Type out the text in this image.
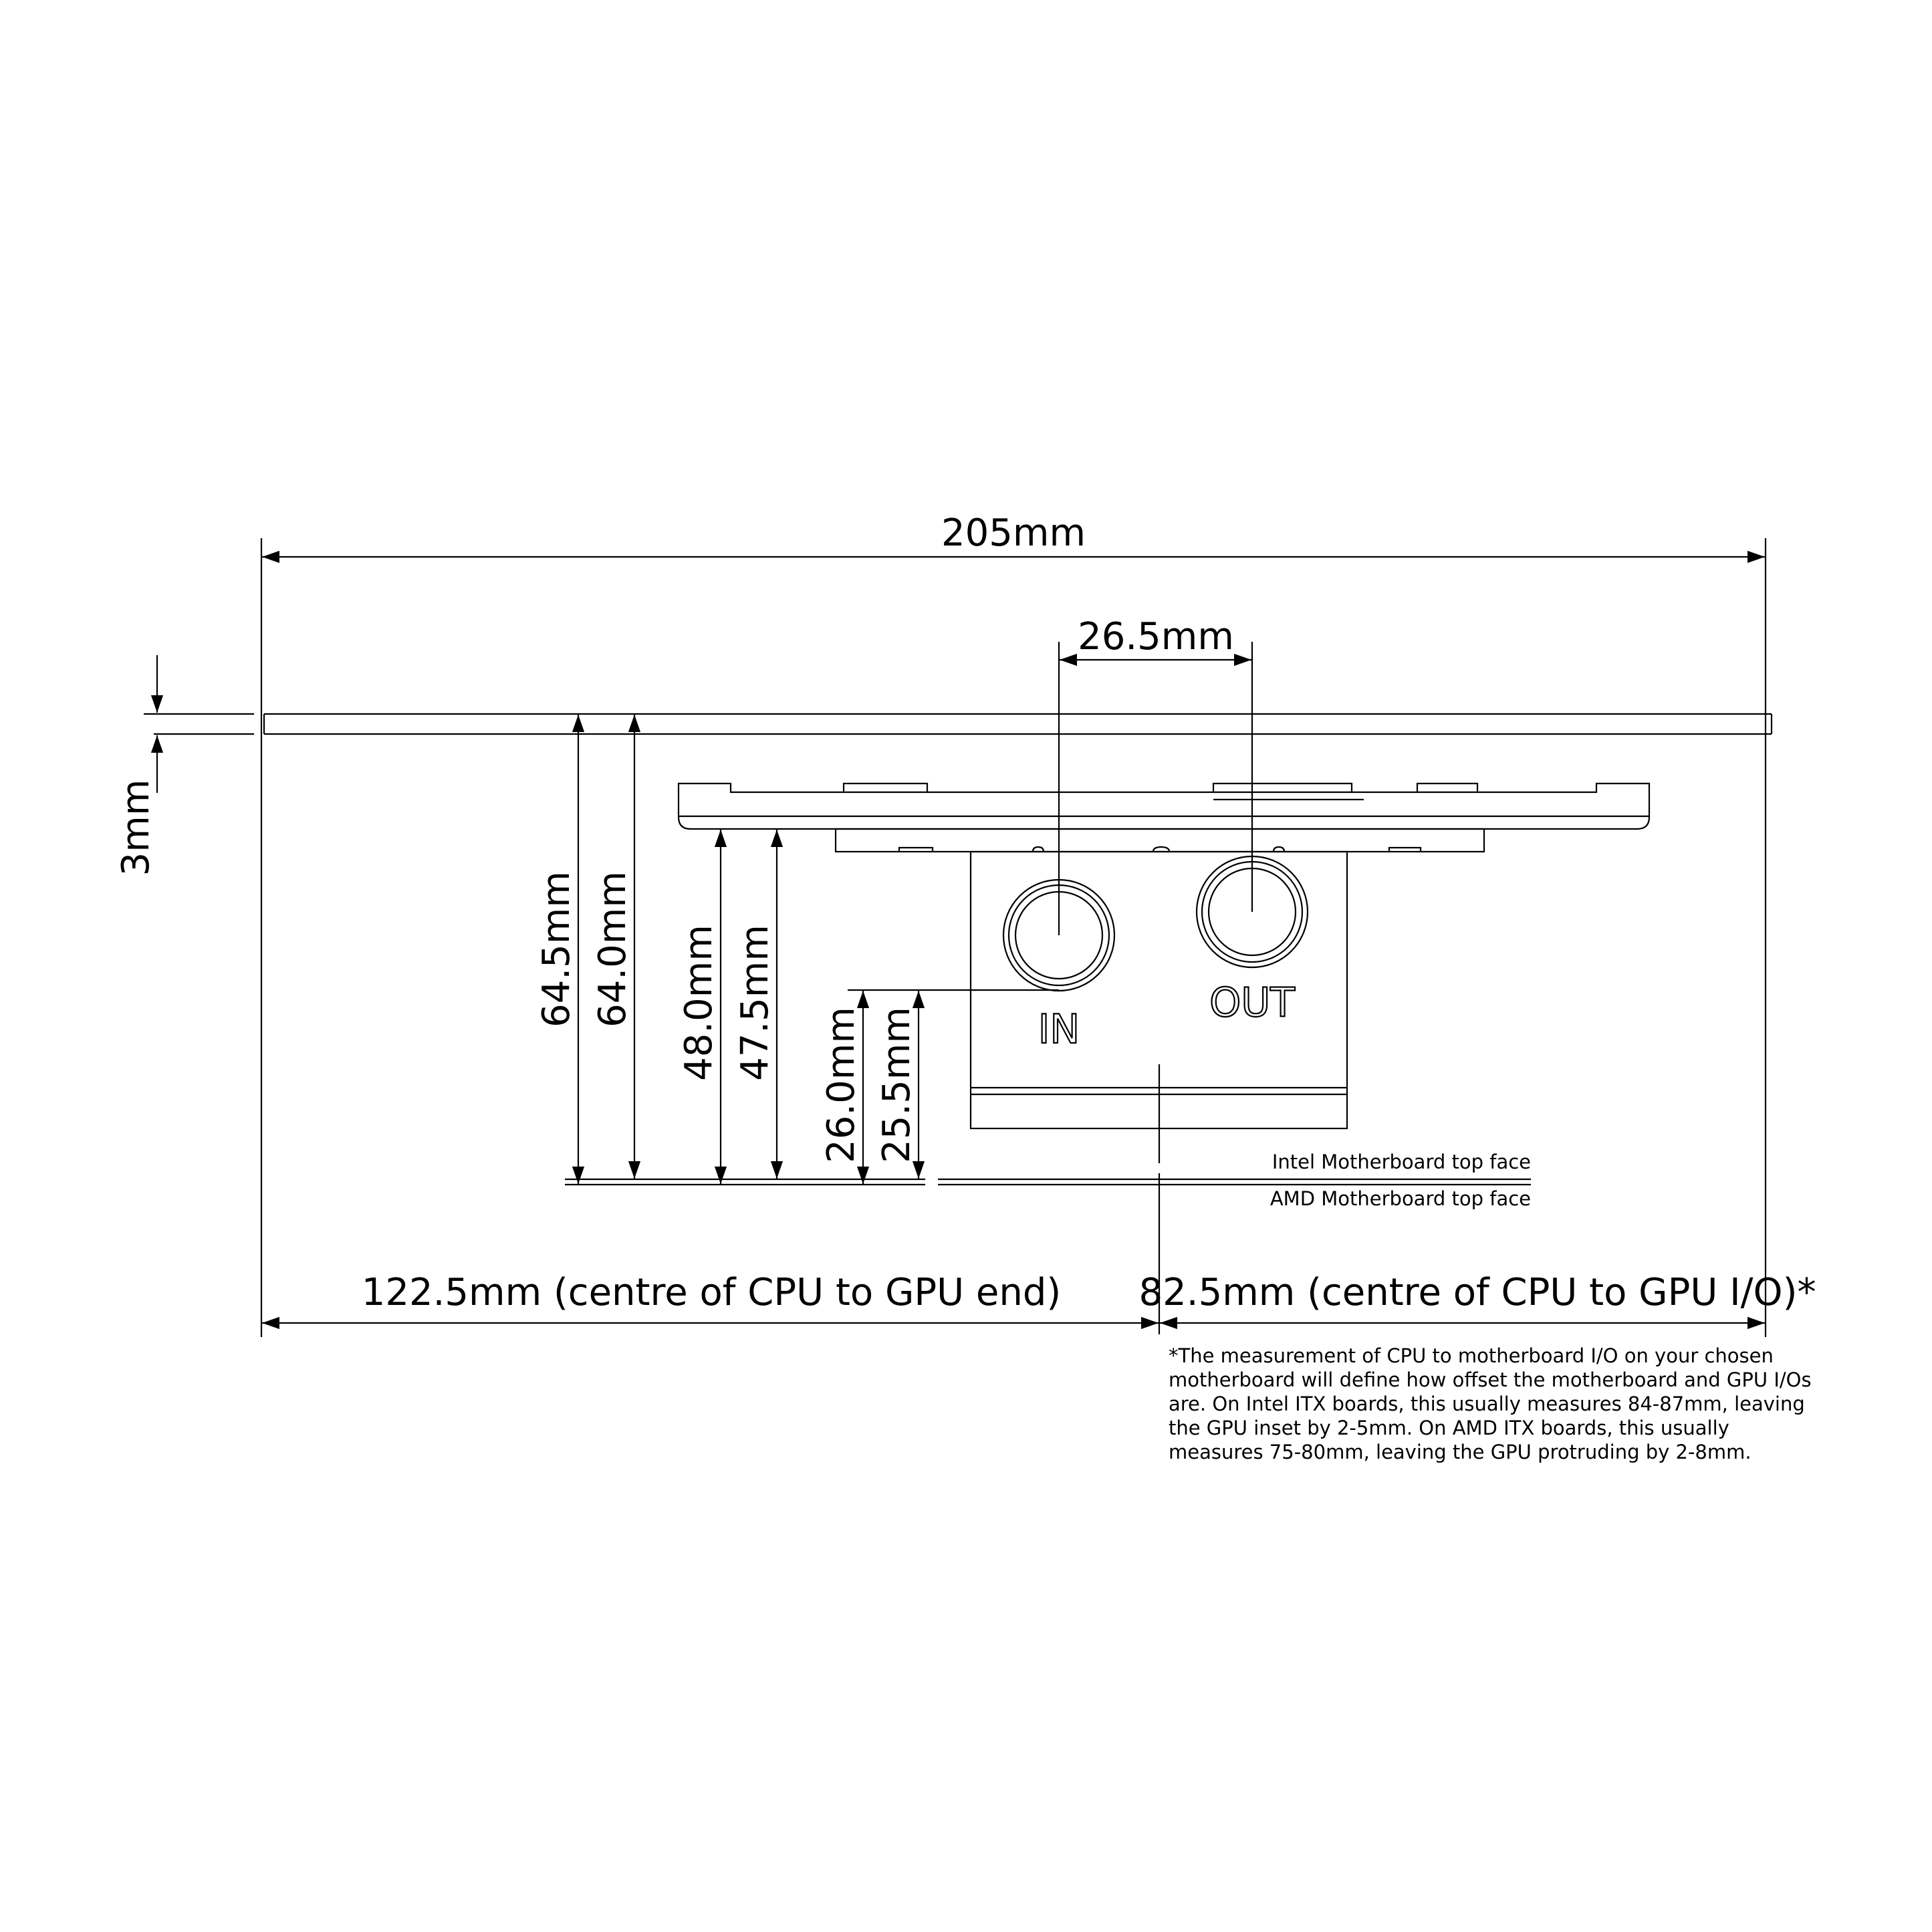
IN
OUT
205mm
26.5mm
3mm
64.5mm 64.0mm 48.0mm 47.5mm
26.0mm 25.5mm
122.5mm (centre of CPU to GPU end) 82.5mm (centre of CPU to GPU I/O)*
Intel Motherboard top face
AMD Motherboard top face
*The measurement of CPU to motherboard I/O on your chosen
motherboard will define how offset the motherboard and GPU I/Os
are. On Intel ITX boards, this usually measures 84-87mm, leaving
the GPU inset by 2-5mm. On AMD ITX boards, this usually
measures 75-80mm, leaving the GPU protruding by 2-8mm.
